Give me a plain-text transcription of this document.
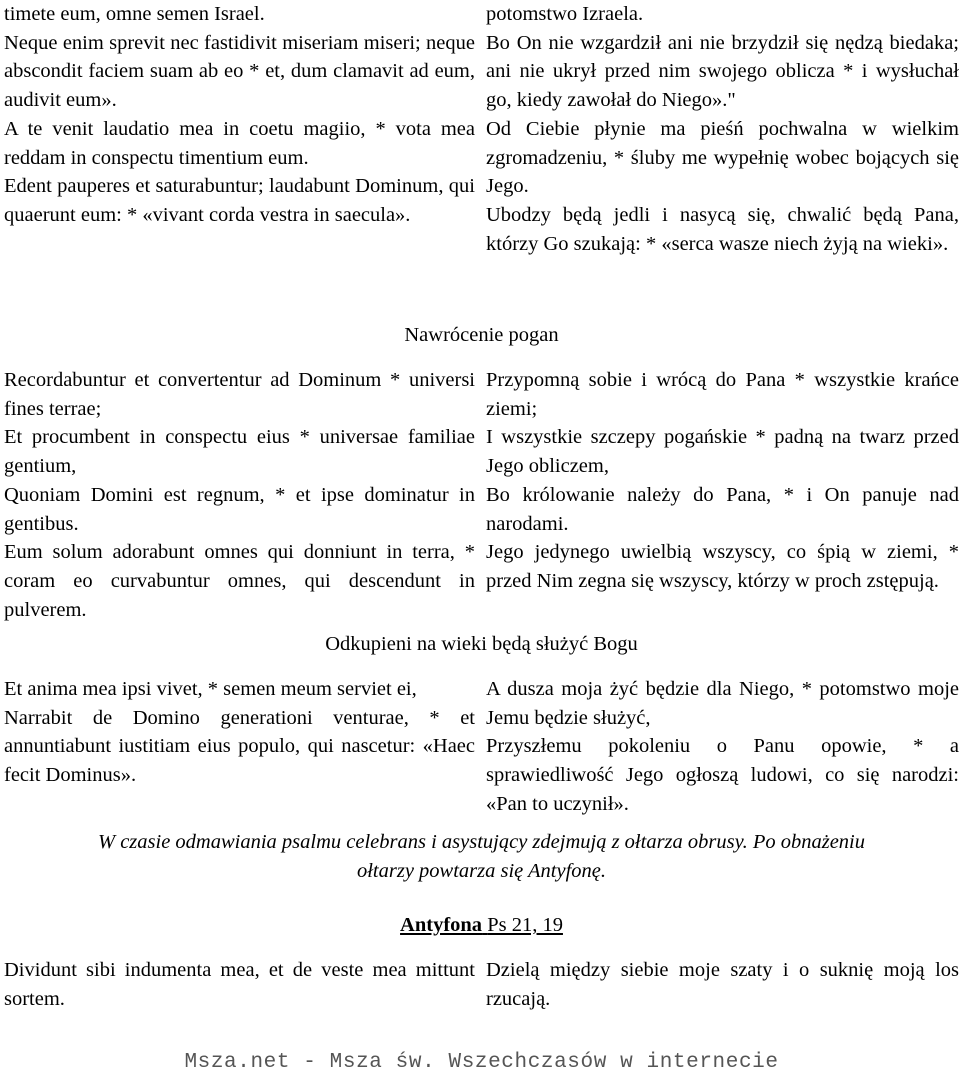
timete eum, omne semen Israel.

Neque enim sprevit nec fastidivit miseriam miseri; neque abscondit faciem suam ab eo * et, dum clamavit ad eum, audivit eum».

A te venit laudatio mea in coetu magiio, * vota mea reddam in conspectu timentium eum.

Edent pauperes et saturabuntur; laudabunt Dominum, qui quaerunt eum: * «vivant corda vestra in saecula».

potomstwo Izraela.

Bo On nie wzgardził ani nie brzydził się nędzą biedaka; ani nie ukrył przed nim swojego oblicza * i wysłuchał go, kiedy zawołał do Niego»."

Od Ciebie płynie ma pieśń pochwalna w wielkim zgromadzeniu, * śluby me wypełnię wobec bojących się Jego.

Ubodzy będą jedli i nasycą się, chwalić będą Pana, którzy Go szukają: * «serca wasze niech żyją na wieki».

Nawrócenie pogan

Recordabuntur et convertentur ad Dominum * universi fines terrae;

Et procumbent in conspectu eius * universae familiae gentium,

Quoniam Domini est regnum, * et ipse dominatur in gentibus.

Eum solum adorabunt omnes qui donniunt in terra, * coram eo curvabuntur omnes, qui descendunt in pulverem.

Przypomną sobie i wrócą do Pana * wszystkie krańce ziemi;

I wszystkie szczepy pogańskie * padną na twarz przed Jego obliczem,

Bo królowanie należy do Pana, * i On panuje nad narodami.

Jego jedynego uwielbią wszyscy, co śpią w ziemi, * przed Nim zegna się wszyscy, którzy w proch zstępują.

Odkupieni na wieki będą służyć Bogu

Et anima mea ipsi vivet, * semen meum serviet ei,

Narrabit de Domino generationi venturae, * et annuntiabunt iustitiam eius populo, qui nascetur: «Haec fecit Dominus».

A dusza moja żyć będzie dla Niego, * potomstwo moje Jemu będzie służyć,

Przyszłemu pokoleniu o Panu opowie, * a sprawiedliwość Jego ogłoszą ludowi, co się narodzi: «Pan to uczynił».

W czasie odmawiania psalmu celebrans i asystujący zdejmują z ołtarza obrusy. Po obnażeniu
ołtarzy powtarza się Antyfonę.
Antyfona Ps 21, 19

Dividunt sibi indumenta mea, et de veste mea mittunt sortem.

Dzielą między siebie moje szaty i o suknię moją los rzucają.

Msza.net - Msza św. Wszechczasów w internecie
